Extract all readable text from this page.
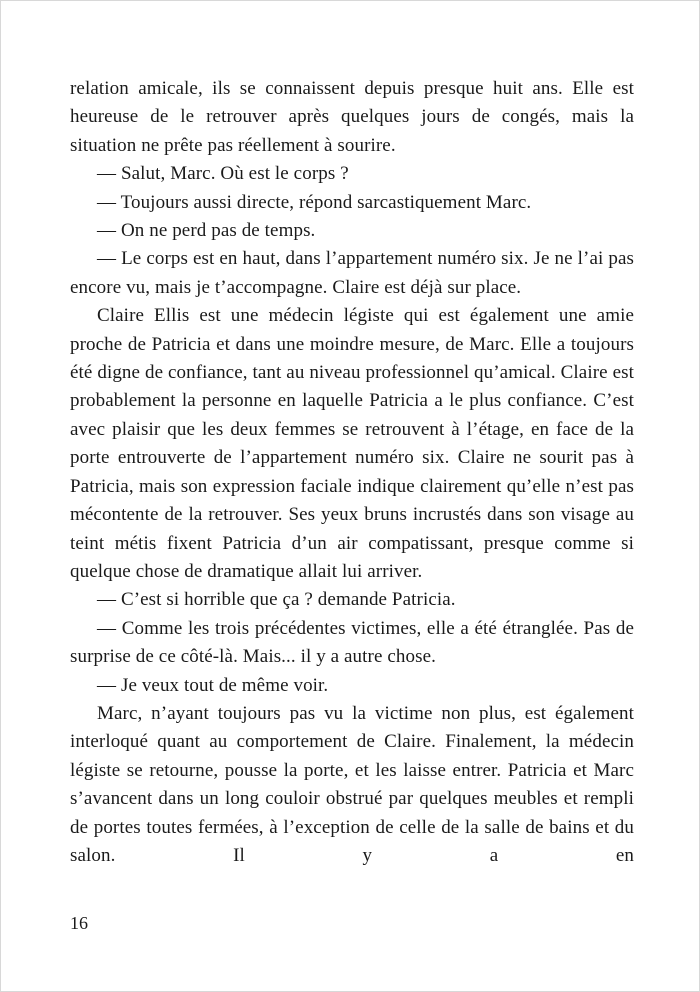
relation amicale, ils se connaissent depuis presque huit ans. Elle est heureuse de le retrouver après quelques jours de congés, mais la situation ne prête pas réellement à sourire.

— Salut, Marc. Où est le corps ?

— Toujours aussi directe, répond sarcastiquement Marc.

— On ne perd pas de temps.

— Le corps est en haut, dans l’appartement numéro six. Je ne l’ai pas encore vu, mais je t’accompagne. Claire est déjà sur place.

Claire Ellis est une médecin légiste qui est également une amie proche de Patricia et dans une moindre mesure, de Marc. Elle a toujours été digne de confiance, tant au niveau professionnel qu’amical. Claire est probablement la personne en laquelle Patricia a le plus confiance. C’est avec plaisir que les deux femmes se retrouvent à l’étage, en face de la porte entrouverte de l’appartement numéro six. Claire ne sourit pas à Patricia, mais son expression faciale indique clairement qu’elle n’est pas mécontente de la retrouver. Ses yeux bruns incrustés dans son visage au teint métis fixent Patricia d’un air compatissant, presque comme si quelque chose de dramatique allait lui arriver.

— C’est si horrible que ça ? demande Patricia.

— Comme les trois précédentes victimes, elle a été étranglée. Pas de surprise de ce côté-là. Mais... il y a autre chose.

— Je veux tout de même voir.

Marc, n’ayant toujours pas vu la victime non plus, est également interloqué quant au comportement de Claire. Finalement, la médecin légiste se retourne, pousse la porte, et les laisse entrer. Patricia et Marc s’avancent dans un long couloir obstrué par quelques meubles et rempli de portes toutes fermées, à l’exception de celle de la salle de bains et du salon. Il y a en

16
